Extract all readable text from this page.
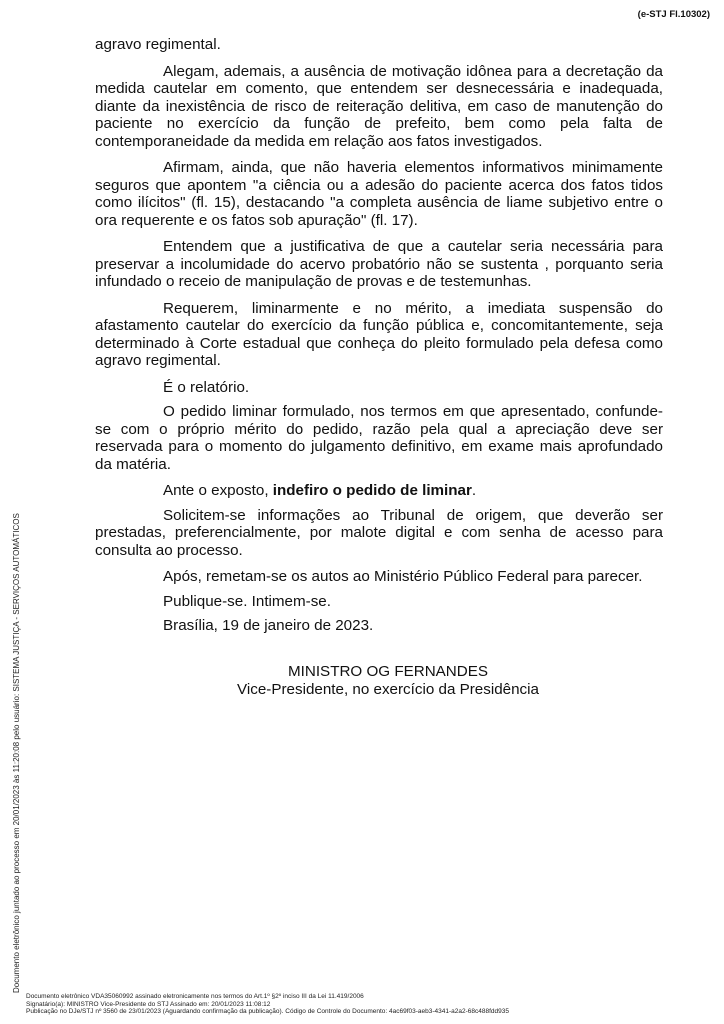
(e-STJ Fl.10302)

agravo regimental.

Alegam, ademais, a ausência de motivação idônea para a decretação da medida cautelar em comento, que entendem ser desnecessária e inadequada, diante da inexistência de risco de reiteração delitiva, em caso de manutenção do paciente no exercício da função de prefeito, bem como pela falta de contemporaneidade da medida em relação aos fatos investigados.

Afirmam, ainda, que não haveria elementos informativos minimamente seguros que apontem "a ciência ou a adesão do paciente acerca dos fatos tidos como ilícitos" (fl. 15), destacando "a completa ausência de liame subjetivo entre o ora requerente e os fatos sob apuração" (fl. 17).

Entendem que a justificativa de que a cautelar seria necessária para preservar a incolumidade do acervo probatório não se sustenta , porquanto seria infundado o receio de manipulação de provas e de testemunhas.

Requerem, liminarmente e no mérito, a imediata suspensão do afastamento cautelar do exercício da função pública e, concomitantemente, seja determinado à Corte estadual que conheça do pleito formulado pela defesa como agravo regimental.

É o relatório.

O pedido liminar formulado, nos termos em que apresentado, confunde-se com o próprio mérito do pedido, razão pela qual a apreciação deve ser reservada para o momento do julgamento definitivo, em exame mais aprofundado da matéria.

Ante o exposto, indefiro o pedido de liminar.

Solicitem-se informações ao Tribunal de origem, que deverão ser prestadas, preferencialmente, por malote digital e com senha de acesso para consulta ao processo.

Após, remetam-se os autos ao Ministério Público Federal para parecer.

Publique-se. Intimem-se.

Brasília, 19 de janeiro de 2023.

MINISTRO OG FERNANDES
Vice-Presidente, no exercício da Presidência
Documento eletrônico juntado ao processo em 20/01/2023 às 11:20:08 pelo usuário: SISTEMA JUSTIÇA - SERVIÇOS AUTOMÁTICOS
Documento eletrônico VDA35060992 assinado eletronicamente nos termos do Art.1º §2º inciso III da Lei 11.419/2006
Signatário(a): MINISTRO Vice-Presidente do STJ Assinado em: 20/01/2023 11:08:12
Publicação no DJe/STJ nº 3560 de 23/01/2023 (Aguardando confirmação da publicação). Código de Controle do Documento: 4ac69f03-aeb3-4341-a2a2-68c488fdd935
